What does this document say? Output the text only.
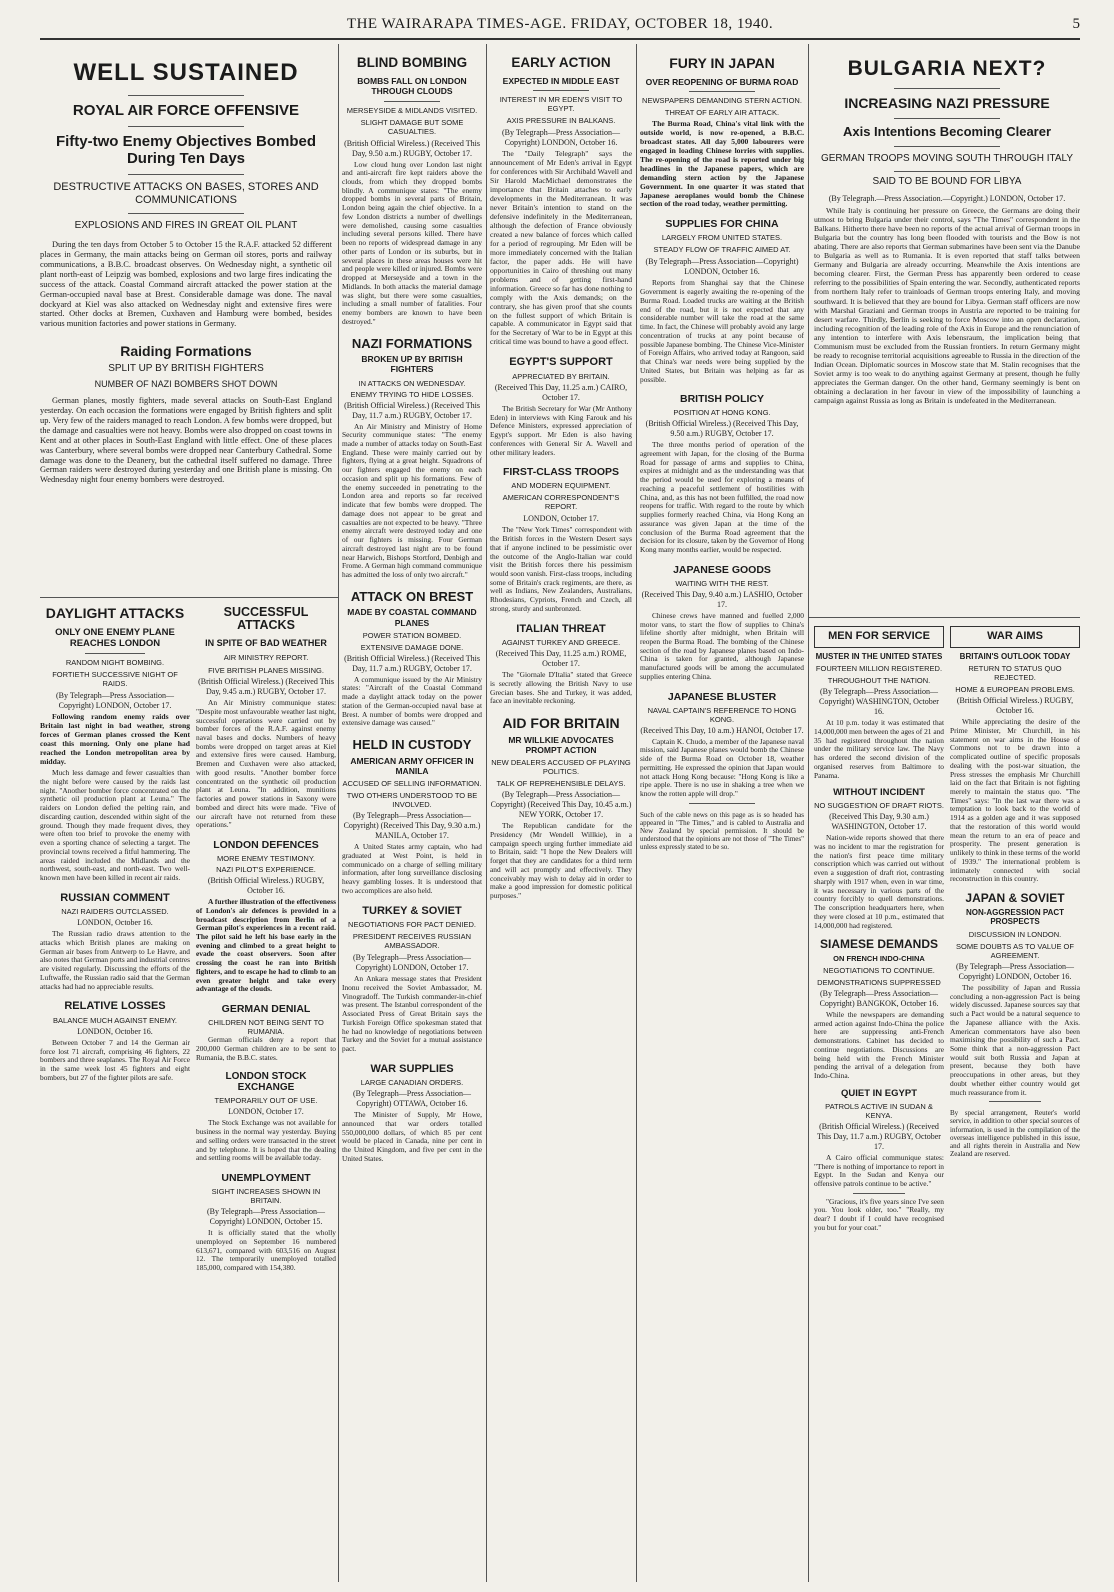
THE WAIRARAPA TIMES-AGE. FRIDAY, OCTOBER 18, 1940.	5
WELL SUSTAINED
ROYAL AIR FORCE OFFENSIVE
Fifty-two Enemy Objectives Bombed During Ten Days
DESTRUCTIVE ATTACKS ON BASES, STORES AND COMMUNICATIONS
EXPLOSIONS AND FIRES IN GREAT OIL PLANT

During the ten days from October 5 to October 15 the R.A.F. attacked 52 different places in Germany, the main attacks being on German oil stores, ports and railway communications, a B.B.C. broadcast observes. On Wednesday night, a synthetic oil plant north-east of Leipzig was bombed, explosions and two large fires indicating the success of the attack. Coastal Command aircraft attacked the power station at the German-occupied naval base at Brest. Considerable damage was done. The naval dockyard at Kiel was also attacked on Wednesday night and extensive fires were started. Other docks at Bremen, Cuxhaven and Hamburg were bombed, besides various munition factories and power stations in Germany.

Raiding Formations
SPLIT UP BY BRITISH FIGHTERS
NUMBER OF NAZI BOMBERS SHOT DOWN

German planes, mostly fighters, made several attacks on South-East England yesterday. On each occasion the formations were engaged by British fighters and split up. Very few of the raiders managed to reach London. A few bombs were dropped, but the damage and casualties were not heavy. Bombs were also dropped on coast towns in Kent and at other places in South-East England with little effect. One of these places was Canterbury, where several bombs were dropped near Canterbury Cathedral. Some damage was done to the Deanery, but the cathedral itself suffered no damage. Three German raiders were destroyed during yesterday and one British plane is missing. On Wednesday night four enemy bombers were destroyed.

DAYLIGHT ATTACKS
ONLY ONE ENEMY PLANE REACHES LONDON
RANDOM NIGHT BOMBING.
FORTIETH SUCCESSIVE NIGHT OF RAIDS.
(By Telegraph—Press Association—Copyright) LONDON, October 17.

Following random enemy raids over Britain last night in bad weather, strong forces of German planes crossed the Kent coast this morning. Only one plane had reached the London metropolitan area by midday.

Much less damage and fewer casualties than the night before were caused by the raids last night. "Another bomber force concentrated on the synthetic oil production plant at Leuna." The raiders on London defied the pelting rain, and discarding caution, descended within sight of the ground. Though they made frequent dives, they were often too brief to provoke the enemy with even a sporting chance of selecting a target. The provincial towns received a fitful hammering. The areas raided included the Midlands and the northwest, south-east, and north-east. Two well-known men have been killed in recent air raids.

RUSSIAN COMMENT
NAZI RAIDERS OUTCLASSED.
LONDON, October 16.

The Russian radio draws attention to the attacks which British planes are making on German air bases from Antwerp to Le Havre, and also notes that German ports and industrial centres are visited regularly. Discussing the efforts of the Luftwaffe, the Russian radio said that the German attacks had had no appreciable results.

RELATIVE LOSSES
BALANCE MUCH AGAINST ENEMY.
LONDON, October 16.

Between October 7 and 14 the German air force lost 71 aircraft, comprising 46 fighters, 22 bombers and three seaplanes. The Royal Air Force in the same week lost 45 fighters and eight bombers, but 27 of the fighter pilots are safe.

SUCCESSFUL ATTACKS
IN SPITE OF BAD WEATHER
AIR MINISTRY REPORT.
FIVE BRITISH PLANES MISSING.
(British Official Wireless.) (Received This Day, 9.45 a.m.) RUGBY, October 17.

An Air Ministry communique states: "Despite most unfavourable weather last night, successful operations were carried out by bomber forces of the R.A.F. against enemy naval bases and docks. Numbers of heavy bombs were dropped on target areas at Kiel and extensive fires were caused. Hamburg, Bremen and Cuxhaven were also attacked, with good results. "Another bomber force concentrated on the synthetic oil production plant at Leuna. "In addition, munitions factories and power stations in Saxony were bombed and direct hits were made. "Five of our aircraft have not returned from these operations."

LONDON DEFENCES
MORE ENEMY TESTIMONY.
NAZI PILOT'S EXPERIENCE.
(British Official Wireless.) RUGBY, October 16.

A further illustration of the effectiveness of London's air defences is provided in a broadcast description from Berlin of a German pilot's experiences in a recent raid. The pilot said he left his base early in the evening and climbed to a great height to evade the coast observers. Soon after crossing the coast he ran into British fighters, and to escape he had to climb to an even greater height and take every advantage of the clouds.

GERMAN DENIAL
CHILDREN NOT BEING SENT TO RUMANIA.

German officials deny a report that 200,000 German children are to be sent to Rumania, the B.B.C. states.

LONDON STOCK EXCHANGE
TEMPORARILY OUT OF USE.
LONDON, October 17.

The Stock Exchange was not available for business in the normal way yesterday. Buying and selling orders were transacted in the street and by telephone. It is hoped that the dealing and settling rooms will be available today.

UNEMPLOYMENT
SIGHT INCREASES SHOWN IN BRITAIN.
(By Telegraph—Press Association—Copyright) LONDON, October 15.

It is officially stated that the wholly unemployed on September 16 numbered 613,671, compared with 603,516 on August 12. The temporarily unemployed totalled 185,000, compared with 154,380.

BLIND BOMBING
BOMBS FALL ON LONDON THROUGH CLOUDS
MERSEYSIDE & MIDLANDS VISITED.
SLIGHT DAMAGE BUT SOME CASUALTIES.
(British Official Wireless.) (Received This Day, 9.50 a.m.) RUGBY, October 17.

Low cloud hung over London last night and anti-aircraft fire kept raiders above the clouds, from which they dropped bombs blindly. A communique states: "The enemy dropped bombs in several parts of Britain, London being again the chief objective. In a few London districts a number of dwellings were demolished, causing some casualties including several persons killed. There have been no reports of widespread damage in any other parts of London or its suburbs, but in several places in these areas houses were hit and people were killed or injured. Bombs were dropped at Merseyside and a town in the Midlands. In both attacks the material damage was slight, but there were some casualties, including a small number of fatalities. Four enemy bombers are known to have been destroyed."

NAZI FORMATIONS
BROKEN UP BY BRITISH FIGHTERS
IN ATTACKS ON WEDNESDAY.
ENEMY TRYING TO HIDE LOSSES.
(British Official Wireless.) (Received This Day, 11.7 a.m.) RUGBY, October 17.

An Air Ministry and Ministry of Home Security communique states: "The enemy made a number of attacks today on South-East England. These were mainly carried out by fighters, flying at a great height. Squadrons of our fighters engaged the enemy on each occasion and split up his formations. Few of the enemy succeeded in penetrating to the London area and reports so far received indicate that few bombs were dropped. The damage does not appear to be great and casualties are not expected to be heavy. "Three enemy aircraft were destroyed today and one of our fighters is missing. Four German aircraft destroyed last night are to be found near Harwich, Bishops Stortford, Denbigh and Frome. A German high command communique has admitted the loss of only two aircraft."

ATTACK ON BREST
MADE BY COASTAL COMMAND PLANES
POWER STATION BOMBED.
EXTENSIVE DAMAGE DONE.
(British Official Wireless.) (Received This Day, 11.7 a.m.) RUGBY, October 17.

A communique issued by the Air Ministry states: "Aircraft of the Coastal Command made a daylight attack today on the power station of the German-occupied naval base at Brest. A number of bombs were dropped and extensive damage was caused."

HELD IN CUSTODY
AMERICAN ARMY OFFICER IN MANILA
ACCUSED OF SELLING INFORMATION.
TWO OTHERS UNDERSTOOD TO BE INVOLVED.
(By Telegraph—Press Association—Copyright) (Received This Day, 9.30 a.m.) MANILA, October 17.

A United States army captain, who had graduated at West Point, is held in communicado on a charge of selling military information, after long surveillance disclosing heavy gambling losses. It is understood that two accomplices are also held.

TURKEY & SOVIET
NEGOTIATIONS FOR PACT DENIED.
PRESIDENT RECEIVES RUSSIAN AMBASSADOR.
(By Telegraph—Press Association—Copyright) LONDON, October 17.

An Ankara message states that President Inonu received the Soviet Ambassador, M. Vinogradoff. The Turkish commander-in-chief was present. The Istanbul correspondent of the Associated Press of Great Britain says the Turkish Foreign Office spokesman stated that he had no knowledge of negotiations between Turkey and the Soviet for a mutual assistance pact.

WAR SUPPLIES
LARGE CANADIAN ORDERS.
(By Telegraph—Press Association—Copyright) OTTAWA, October 16.

The Minister of Supply, Mr Howe, announced that war orders totalled 550,000,000 dollars, of which 85 per cent would be placed in Canada, nine per cent in the United Kingdom, and five per cent in the United States.

EARLY ACTION
EXPECTED IN MIDDLE EAST
INTEREST IN MR EDEN'S VISIT TO EGYPT.
AXIS PRESSURE IN BALKANS.
(By Telegraph—Press Association—Copyright) LONDON, October 16.

The "Daily Telegraph" says the announcement of Mr Eden's arrival in Egypt for conferences with Sir Archibald Wavell and Sir Harold MacMichael demonstrates the importance that Britain attaches to early developments in the Mediterranean. It was never Britain's intention to stand on the defensive indefinitely in the Mediterranean, although the defection of France obviously created a new balance of forces which called for a period of regrouping. Mr Eden will be more immediately concerned with the Italian factor, the paper adds. He will have opportunities in Cairo of threshing out many problems and of getting first-hand information. Greece so far has done nothing to comply with the Axis demands; on the contrary, she has given proof that she counts on the fullest support of which Britain is capable. A communicator in Egypt said that for the Secretary of War to be in Egypt at this critical time was bound to have a good effect.

EGYPT'S SUPPORT
APPRECIATED BY BRITAIN.
(Received This Day, 11.25 a.m.) CAIRO, October 17.

The British Secretary for War (Mr Anthony Eden) in interviews with King Farouk and his Defence Ministers, expressed appreciation of Egypt's support. Mr Eden is also having conferences with General Sir A. Wavell and other military leaders.

FIRST-CLASS TROOPS
AND MODERN EQUIPMENT.
AMERICAN CORRESPONDENT'S REPORT.
LONDON, October 17.

The "New York Times" correspondent with the British forces in the Western Desert says that if anyone inclined to be pessimistic over the outcome of the Anglo-Italian war could visit the British forces there his pessimism would soon vanish. First-class troops, including some of Britain's crack regiments, are there, as well as Indians, New Zealanders, Australians, Rhodesians, Cypriots, French and Czech, all strong, sturdy and sunbronzed.

ITALIAN THREAT
AGAINST TURKEY AND GREECE.
(Received This Day, 11.25 a.m.) ROME, October 17.

The "Giornale D'Italia" stated that Greece is secretly allowing the British Navy to use Grecian bases. She and Turkey, it was added, face an inevitable reckoning.

AID FOR BRITAIN
MR WILLKIE ADVOCATES PROMPT ACTION
NEW DEALERS ACCUSED OF PLAYING POLITICS.
TALK OF REPREHENSIBLE DELAYS.
(By Telegraph—Press Association—Copyright) (Received This Day, 10.45 a.m.) NEW YORK, October 17.

The Republican candidate for the Presidency (Mr Wendell Willkie), in a campaign speech urging further immediate aid to Britain, said: "I hope the New Dealers will forget that they are candidates for a third term and will act promptly and effectively. They conceivably may wish to delay aid in order to make a good impression for domestic political purposes."

FURY IN JAPAN
OVER REOPENING OF BURMA ROAD
NEWSPAPERS DEMANDING STERN ACTION.
THREAT OF EARLY AIR ATTACK.

The Burma Road, China's vital link with the outside world, is now re-opened, a B.B.C. broadcast states. All day 5,000 labourers were engaged in loading Chinese lorries with supplies. The re-opening of the road is reported under big headlines in the Japanese papers, which are demanding stern action by the Japanese Government. In one quarter it was stated that Japanese aeroplanes would bomb the Chinese section of the road today, weather permitting.

SUPPLIES FOR CHINA
LARGELY FROM UNITED STATES.
STEADY FLOW OF TRAFFIC AIMED AT.
(By Telegraph—Press Association—Copyright) LONDON, October 16.

Reports from Shanghai say that the Chinese Government is eagerly awaiting the re-opening of the Burma Road. Loaded trucks are waiting at the British end of the road, but it is not expected that any considerable number will take the road at the same time. In fact, the Chinese will probably avoid any large concentration of trucks at any point because of possible Japanese bombing. The Chinese Vice-Minister of Foreign Affairs, who arrived today at Rangoon, said that China's war needs were being supplied by the United States, but Britain was helping as far as possible.

BRITISH POLICY
POSITION AT HONG KONG.
(British Official Wireless.) (Received This Day, 9.50 a.m.) RUGBY, October 17.

The three months period of operation of the agreement with Japan, for the closing of the Burma Road for passage of arms and supplies to China, expires at midnight and as the understanding was that the period would be used for exploring a means of reaching a peaceful settlement of hostilities with China, and, as this has not been fulfilled, the road now reopens for traffic. With regard to the route by which supplies formerly reached China, via Hong Kong an assurance was given Japan at the time of the conclusion of the Burma Road agreement that the decision for its closure, taken by the Governor of Hong Kong many months earlier, would be respected.

JAPANESE GOODS
WAITING WITH THE REST.
(Received This Day, 9.40 a.m.) LASHIO, October 17.

Chinese crews have manned and fuelled 2,000 motor vans, to start the flow of supplies to China's lifeline shortly after midnight, when Britain will reopen the Burma Road. The bombing of the Chinese section of the road by Japanese planes based on Indo-China is taken for granted, although Japanese manufactured goods will be among the accumulated supplies entering China.

JAPANESE BLUSTER
NAVAL CAPTAIN'S REFERENCE TO HONG KONG.
(Received This Day, 10 a.m.) HANOI, October 17.

Captain K. Chudo, a member of the Japanese naval mission, said Japanese planes would bomb the Chinese side of the Burma Road on October 18, weather permitting. He expressed the opinion that Japan would not attack Hong Kong because: "Hong Kong is like a ripe apple. There is no use in shaking a tree when we know the rotten apple will drop."

Such of the cable news on this page as is so headed has appeared in "The Times," and is cabled to Australia and New Zealand by special permission. It should be understood that the opinions are not those of "The Times" unless expressly stated to be so.

BULGARIA NEXT?
INCREASING NAZI PRESSURE
Axis Intentions Becoming Clearer
GERMAN TROOPS MOVING SOUTH THROUGH ITALY
SAID TO BE BOUND FOR LIBYA
(By Telegraph.—Press Association.—Copyright.) LONDON, October 17.

While Italy is continuing her pressure on Greece, the Germans are doing their utmost to bring Bulgaria under their control, says "The Times" correspondent in the Balkans. Hitherto there have been no reports of the actual arrival of German troops in Bulgaria but the country has long been flooded with tourists and the Bow is not abating. There are also reports that German submarines have been sent via the Danube to Bulgaria as well as to Rumania. It is even reported that staff talks between Germany and Bulgaria are already occurring. Meanwhile the Axis intentions are becoming clearer. First, the German Press has apparently been ordered to cease referring to the possibilities of Spain entering the war. Secondly, authenticated reports from northern Italy refer to trainloads of German troops entering Italy, and moving southward. It is believed that they are bound for Libya. German staff officers are now with Marshal Graziani and German troops in Austria are reported to be training for desert warfare. Thirdly, Berlin is seeking to force Moscow into an open declaration, including recognition of the leading role of the Axis in Europe and the renunciation of any intention to interfere with Axis lebensraum, the implication being that Communism must be excluded from the Russian frontiers. In return Germany might be ready to recognise territorial acquisitions agreeable to Russia in the direction of the Indian Ocean. Diplomatic sources in Moscow state that M. Stalin recognises that the Soviet army is too weak to do anything against Germany at present, though he fully appreciates the German danger. On the other hand, Germany seemingly is bent on obtaining a declaration in her favour in view of the impossibility of launching a campaign against Russia as long as Britain is undefeated in the Mediterranean.

MEN FOR SERVICE
MUSTER IN THE UNITED STATES
FOURTEEN MILLION REGISTERED.
THROUGHOUT THE NATION.
(By Telegraph—Press Association—Copyright) WASHINGTON, October 16.

At 10 p.m. today it was estimated that 14,000,000 men between the ages of 21 and 35 had registered throughout the nation under the military service law. The Navy has ordered the second division of the organised reserves from Baltimore to Panama.

WITHOUT INCIDENT
NO SUGGESTION OF DRAFT RIOTS.
(Received This Day, 9.30 a.m.) WASHINGTON, October 17.

Nation-wide reports showed that there was no incident to mar the registration for the nation's first peace time military conscription which was carried out without even a suggestion of draft riot, contrasting sharply with 1917 when, even in war time, it was necessary in various parts of the country forcibly to quell demonstrations. The conscription headquarters here, when they were closed at 10 p.m., estimated that 14,000,000 had registered.

SIAMESE DEMANDS
ON FRENCH INDO-CHINA
NEGOTIATIONS TO CONTINUE.
DEMONSTRATIONS SUPPRESSED
(By Telegraph—Press Association—Copyright) BANGKOK, October 16.

While the newspapers are demanding armed action against Indo-China the police here are suppressing anti-French demonstrations. Cabinet has decided to continue negotiations. Discussions are being held with the French Minister pending the arrival of a delegation from Indo-China.

QUIET IN EGYPT
PATROLS ACTIVE IN SUDAN & KENYA.
(British Official Wireless.) (Received This Day, 11.7 a.m.) RUGBY, October 17.

A Cairo official communique states: "There is nothing of importance to report in Egypt. In the Sudan and Kenya our offensive patrols continue to be active."

"Gracious, it's five years since I've seen you. You look older, too." "Really, my dear? I doubt if I could have recognised you but for your coat."

WAR AIMS
BRITAIN'S OUTLOOK TODAY
RETURN TO STATUS QUO REJECTED.
HOME & EUROPEAN PROBLEMS.
(British Official Wireless.) RUGBY, October 16.

While appreciating the desire of the Prime Minister, Mr Churchill, in his statement on war aims in the House of Commons not to be drawn into a complicated outline of specific proposals dealing with the post-war situation, the Press stresses the emphasis Mr Churchill laid on the fact that Britain is not fighting merely to maintain the status quo. "The Times" says: "In the last war there was a temptation to look back to the world of 1914 as a golden age and it was supposed that the restoration of this world would mean the return to an era of peace and prosperity. The present generation is unlikely to think in these terms of the world of 1939." The international problem is intimately connected with social reconstruction in this country.

JAPAN & SOVIET
NON-AGGRESSION PACT PROSPECTS
DISCUSSION IN LONDON.
SOME DOUBTS AS TO VALUE OF AGREEMENT.
(By Telegraph—Press Association—Copyright) LONDON, October 16.

The possibility of Japan and Russia concluding a non-aggression Pact is being widely discussed. Japanese sources say that such a Pact would be a natural sequence to the Japanese alliance with the Axis. American commentators have also been maximising the possibility of such a Pact. Some think that a non-aggression Pact would suit both Russia and Japan at present, because they both have preoccupations in other areas, but they doubt whether either country would get much reassurance from it.

By special arrangement, Reuter's world service, in addition to other special sources of information, is used in the compilation of the overseas intelligence published in this issue, and all rights therein in Australia and New Zealand are reserved.
